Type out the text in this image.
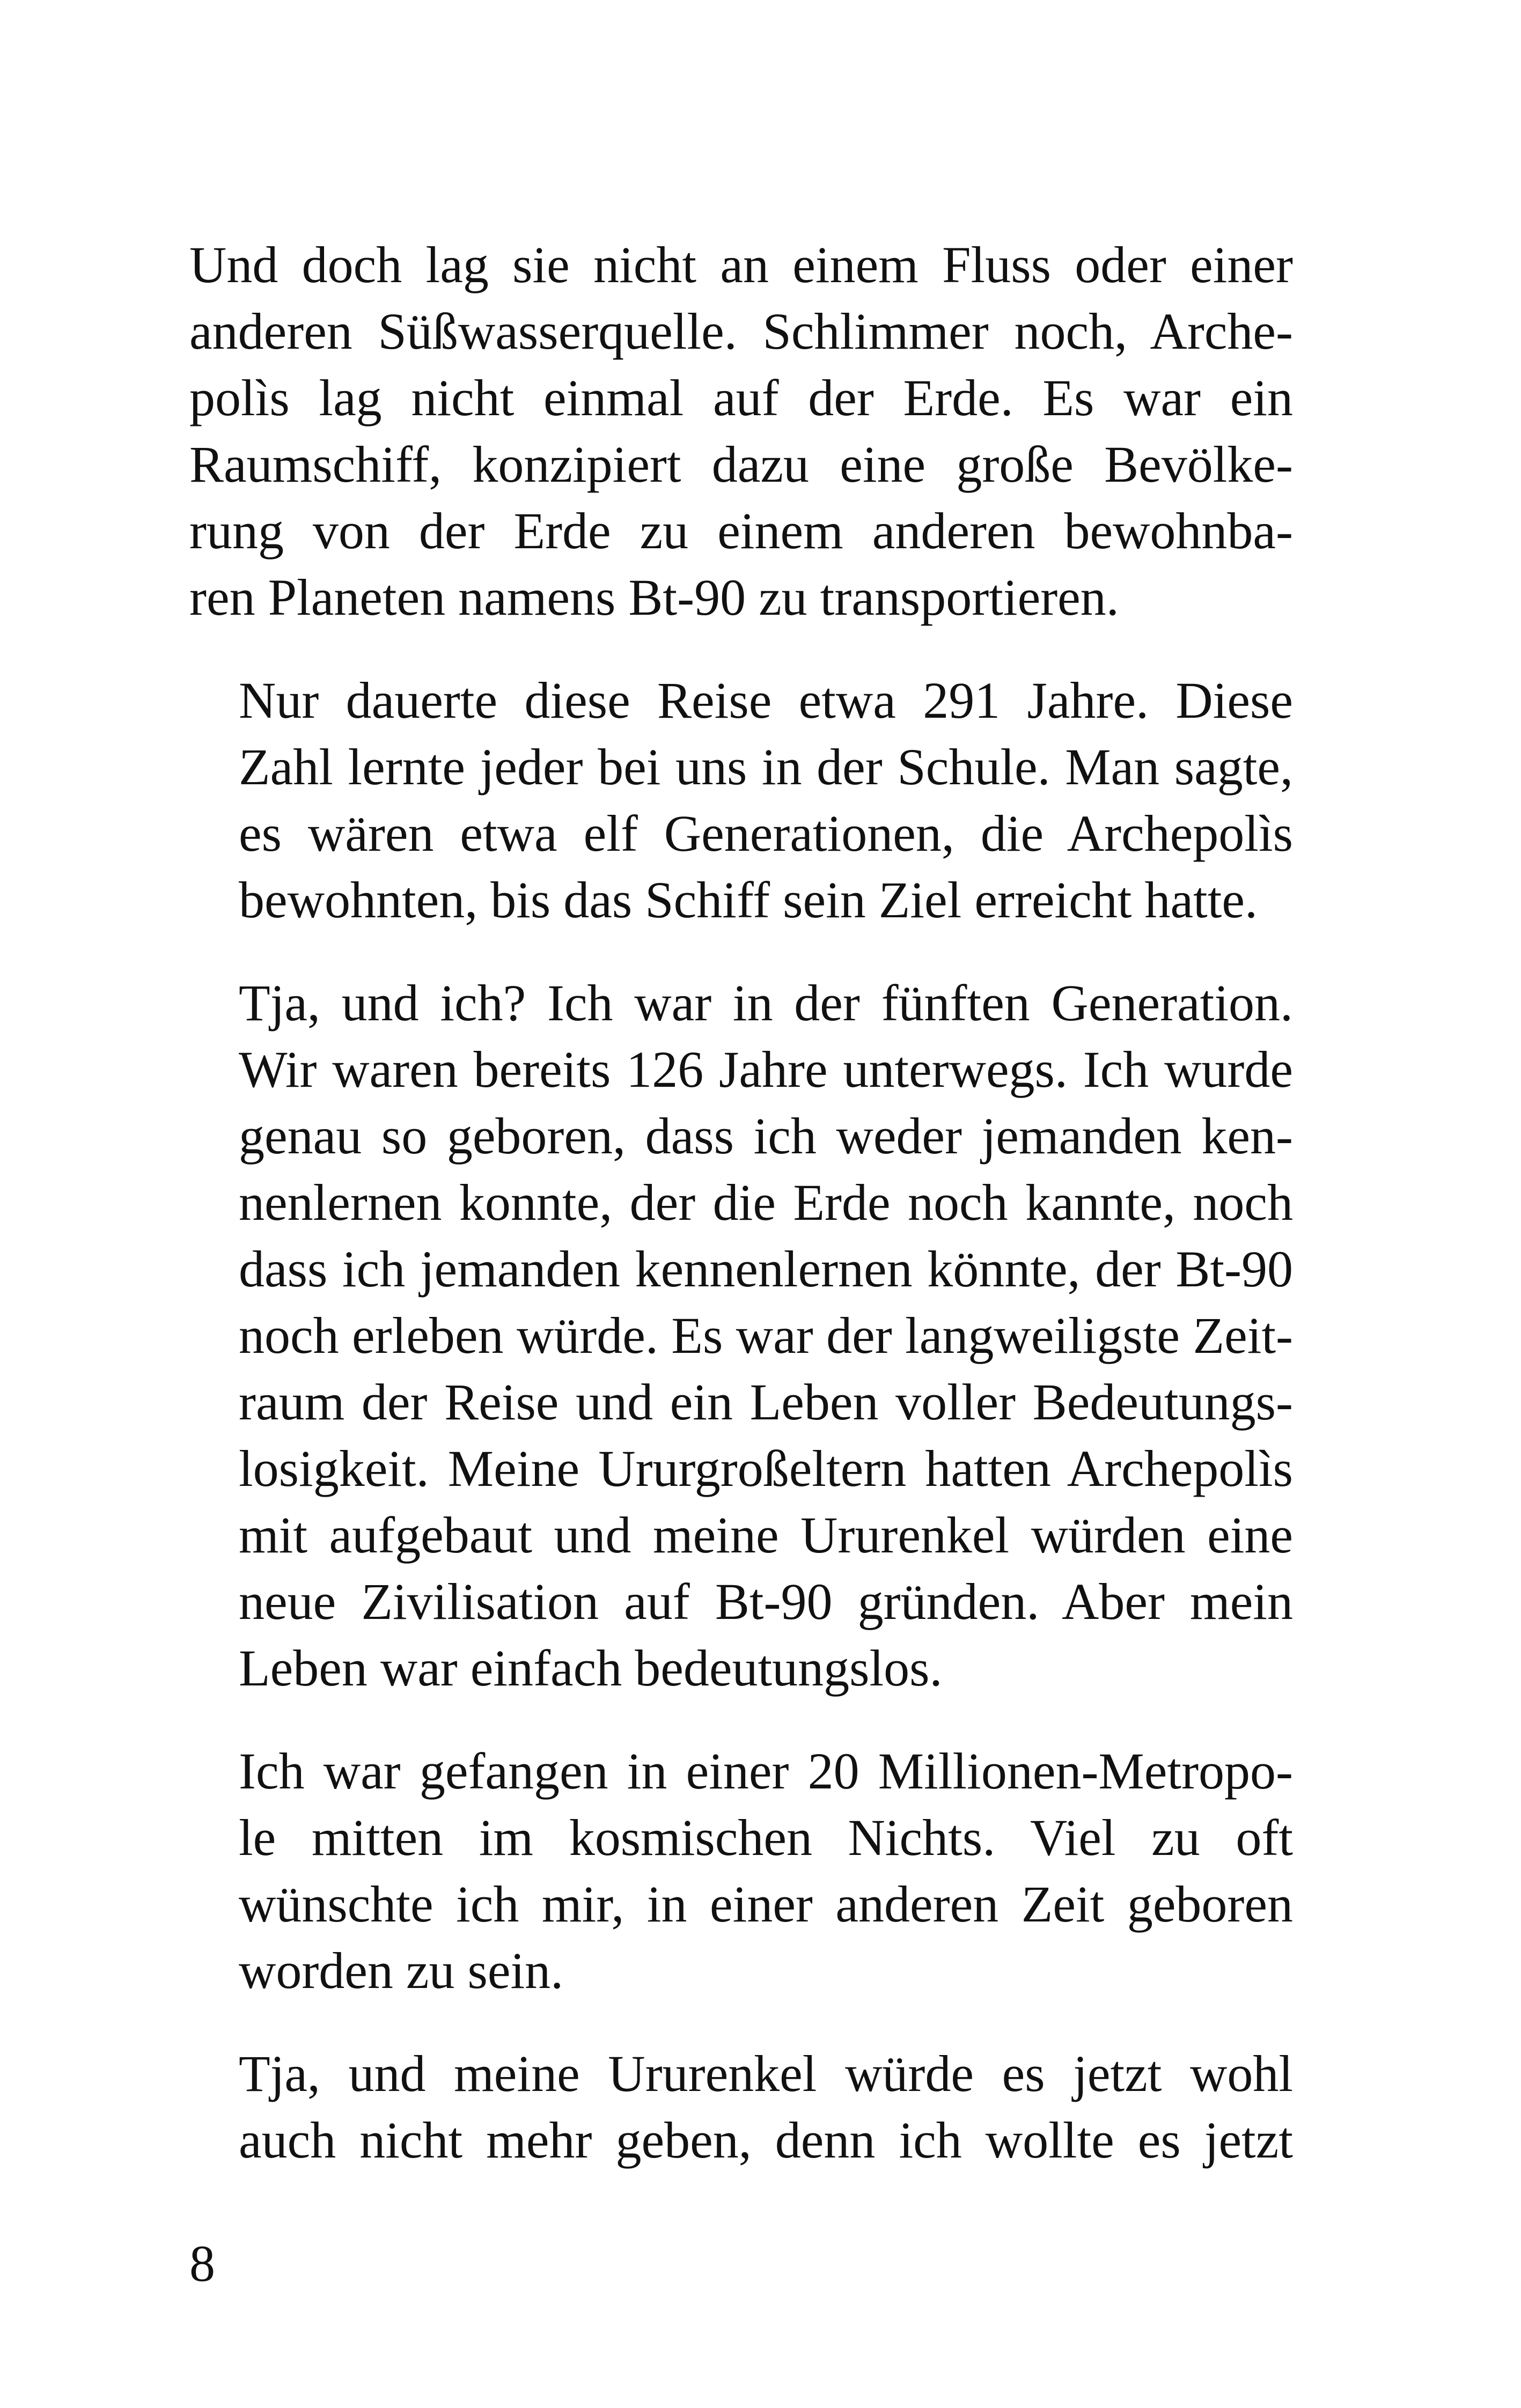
Und doch lag sie nicht an einem Fluss oder einer
anderen Süßwasserquelle. Schlimmer noch, Arche-
polìs lag nicht einmal auf der Erde. Es war ein
Raumschiff, konzipiert dazu eine große Bevölke-
rung von der Erde zu einem anderen bewohnba-
ren Planeten namens Bt-90 zu transportieren.

Nur dauerte diese Reise etwa 291 Jahre. Diese
Zahl lernte jeder bei uns in der Schule. Man sagte,
es wären etwa elf Generationen, die Archepolìs
bewohnten, bis das Schiff sein Ziel erreicht hatte.

Tja, und ich? Ich war in der fünften Generation.
Wir waren bereits 126 Jahre unterwegs. Ich wurde
genau so geboren, dass ich weder jemanden ken-
nenlernen konnte, der die Erde noch kannte, noch
dass ich jemanden kennenlernen könnte, der Bt-90
noch erleben würde. Es war der langweiligste Zeit-
raum der Reise und ein Leben voller Bedeutungs-
losigkeit. Meine Ururgroßeltern hatten Archepolìs
mit aufgebaut und meine Ururenkel würden eine
neue Zivilisation auf Bt-90 gründen. Aber mein
Leben war einfach bedeutungslos.

Ich war gefangen in einer 20 Millionen-Metropo-
le mitten im kosmischen Nichts. Viel zu oft
wünschte ich mir, in einer anderen Zeit geboren
worden zu sein.

Tja, und meine Ururenkel würde es jetzt wohl
auch nicht mehr geben, denn ich wollte es jetzt

8
